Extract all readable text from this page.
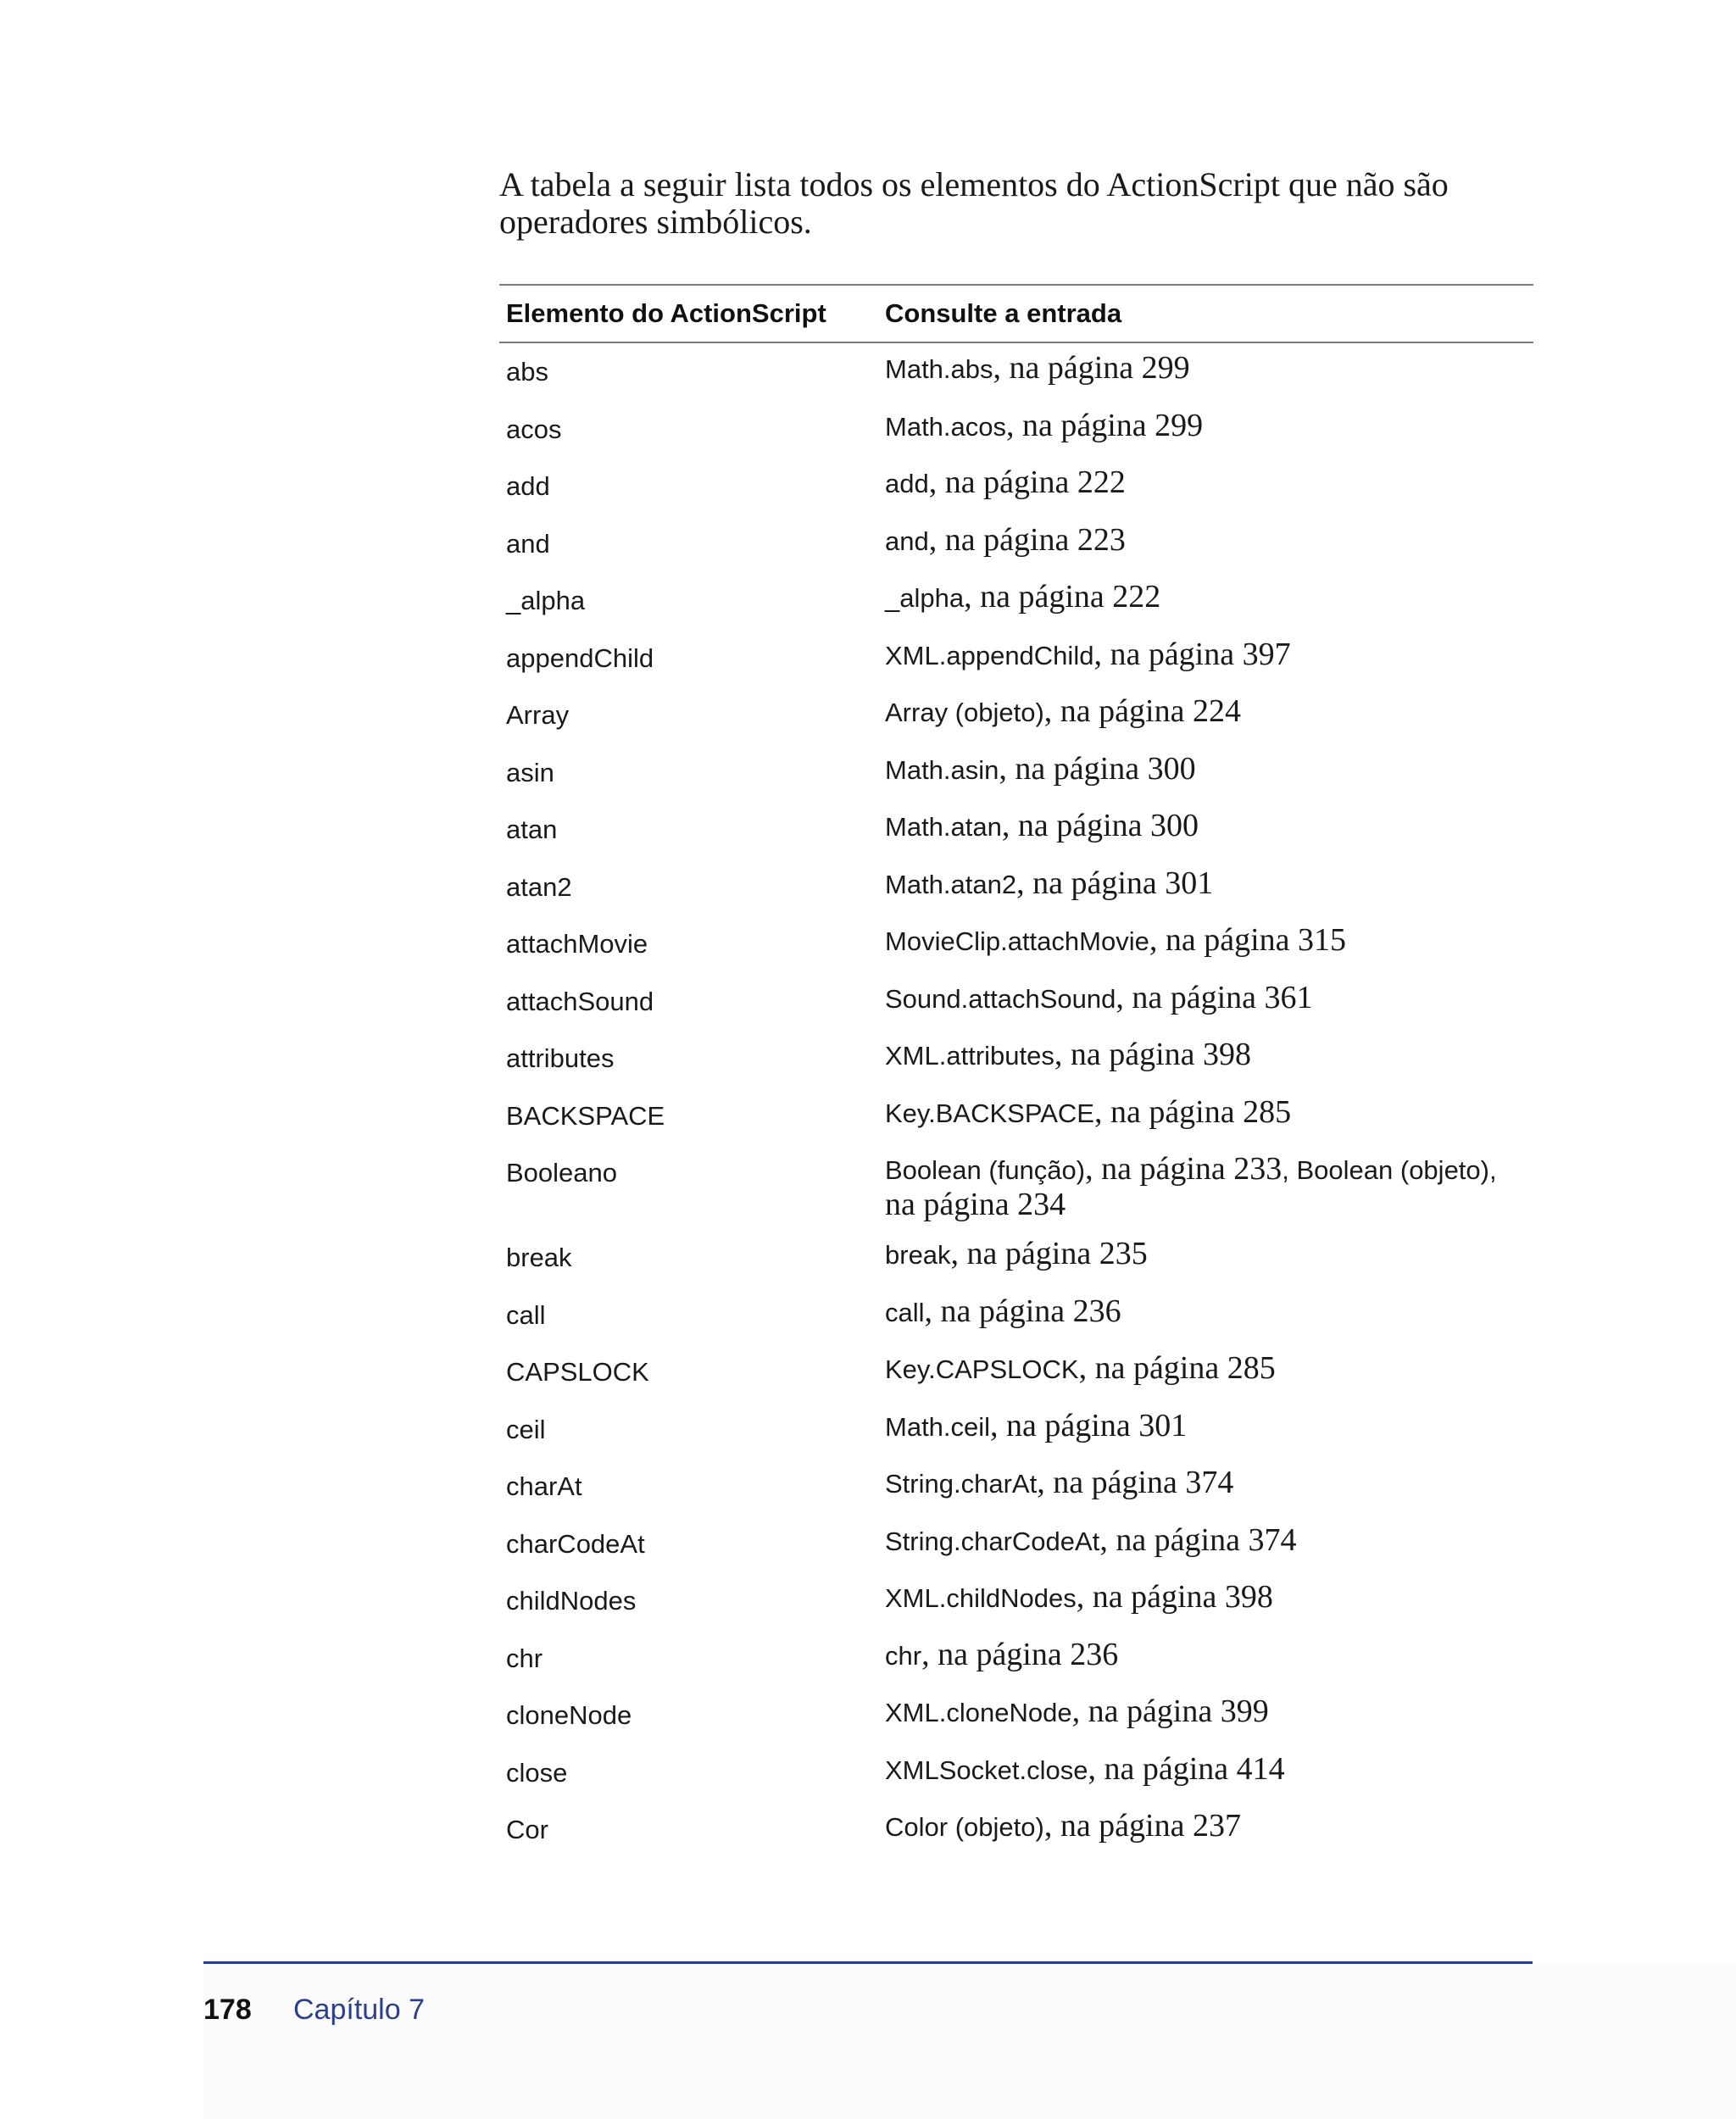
A tabela a seguir lista todos os elementos do ActionScript que não são operadores simbólicos.
Elemento do ActionScript	Consulte a entrada
abs	Math.abs, na página 299
acos	Math.acos, na página 299
add	add, na página 222
and	and, na página 223
_alpha	_alpha, na página 222
appendChild	XML.appendChild, na página 397
Array	Array (objeto), na página 224
asin	Math.asin, na página 300
atan	Math.atan, na página 300
atan2	Math.atan2, na página 301
attachMovie	MovieClip.attachMovie, na página 315
attachSound	Sound.attachSound, na página 361
attributes	XML.attributes, na página 398
BACKSPACE	Key.BACKSPACE, na página 285
Booleano	Boolean (função), na página 233, Boolean (objeto),
na página 234
break	break, na página 235
call	call, na página 236
CAPSLOCK	Key.CAPSLOCK, na página 285
ceil	Math.ceil, na página 301
charAt	String.charAt, na página 374
charCodeAt	String.charCodeAt, na página 374
childNodes	XML.childNodes, na página 398
chr	chr, na página 236
cloneNode	XML.cloneNode, na página 399
close	XMLSocket.close, na página 414
Cor	Color (objeto), na página 237
178 Capítulo 7
